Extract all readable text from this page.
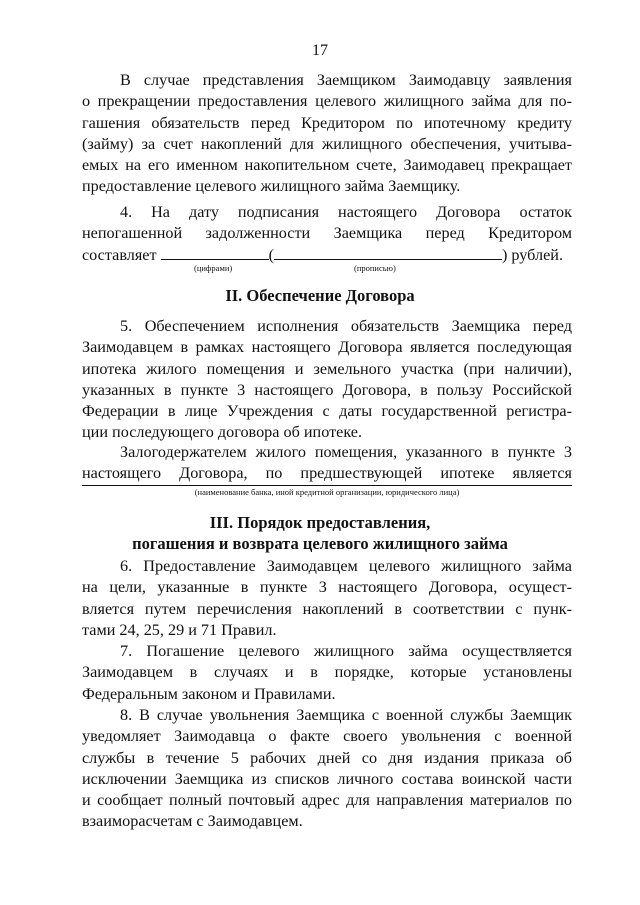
17
В случае представления Заемщиком Заимодавцу заявления
о прекращении предоставления целевого жилищного займа для по-
гашения обязательств перед Кредитором по ипотечному кредиту
(займу) за счет накоплений для жилищного обеспечения, учитыва-
емых на его именном накопительном счете, Заимодавец прекращает
предоставление целевого жилищного займа Заемщику.
4. На дату подписания настоящего Договора остаток
непогашенной задолженности Заемщика перед Кредитором
составляет	(	) рублей.
(цифрами)	(прописью)
II. Обеспечение Договора
5. Обеспечением исполнения обязательств Заемщика перед
Заимодавцем в рамках настоящего Договора является последующая
ипотека жилого помещения и земельного участка (при наличии),
указанных в пункте 3 настоящего Договора, в пользу Российской
Федерации в лице Учреждения с даты государственной регистра-
ции последующего договора об ипотеке.
Залогодержателем жилого помещения, указанного в пункте 3
настоящего Договора, по предшествующей ипотеке является
(наименование банка, иной кредитной организации, юридического лица)
III. Порядок предоставления,
погашения и возврата целевого жилищного займа
6. Предоставление Заимодавцем целевого жилищного займа
на цели, указанные в пункте 3 настоящего Договора, осущест-
вляется путем перечисления накоплений в соответствии с пунк-
тами 24, 25, 29 и 71 Правил.
7. Погашение целевого жилищного займа осуществляется
Заимодавцем в случаях и в порядке, которые установлены
Федеральным законом и Правилами.
8. В случае увольнения Заемщика с военной службы Заемщик
уведомляет Заимодавца о факте своего увольнения с военной
службы в течение 5 рабочих дней со дня издания приказа об
исключении Заемщика из списков личного состава воинской части
и сообщает полный почтовый адрес для направления материалов по
взаиморасчетам с Заимодавцем.
